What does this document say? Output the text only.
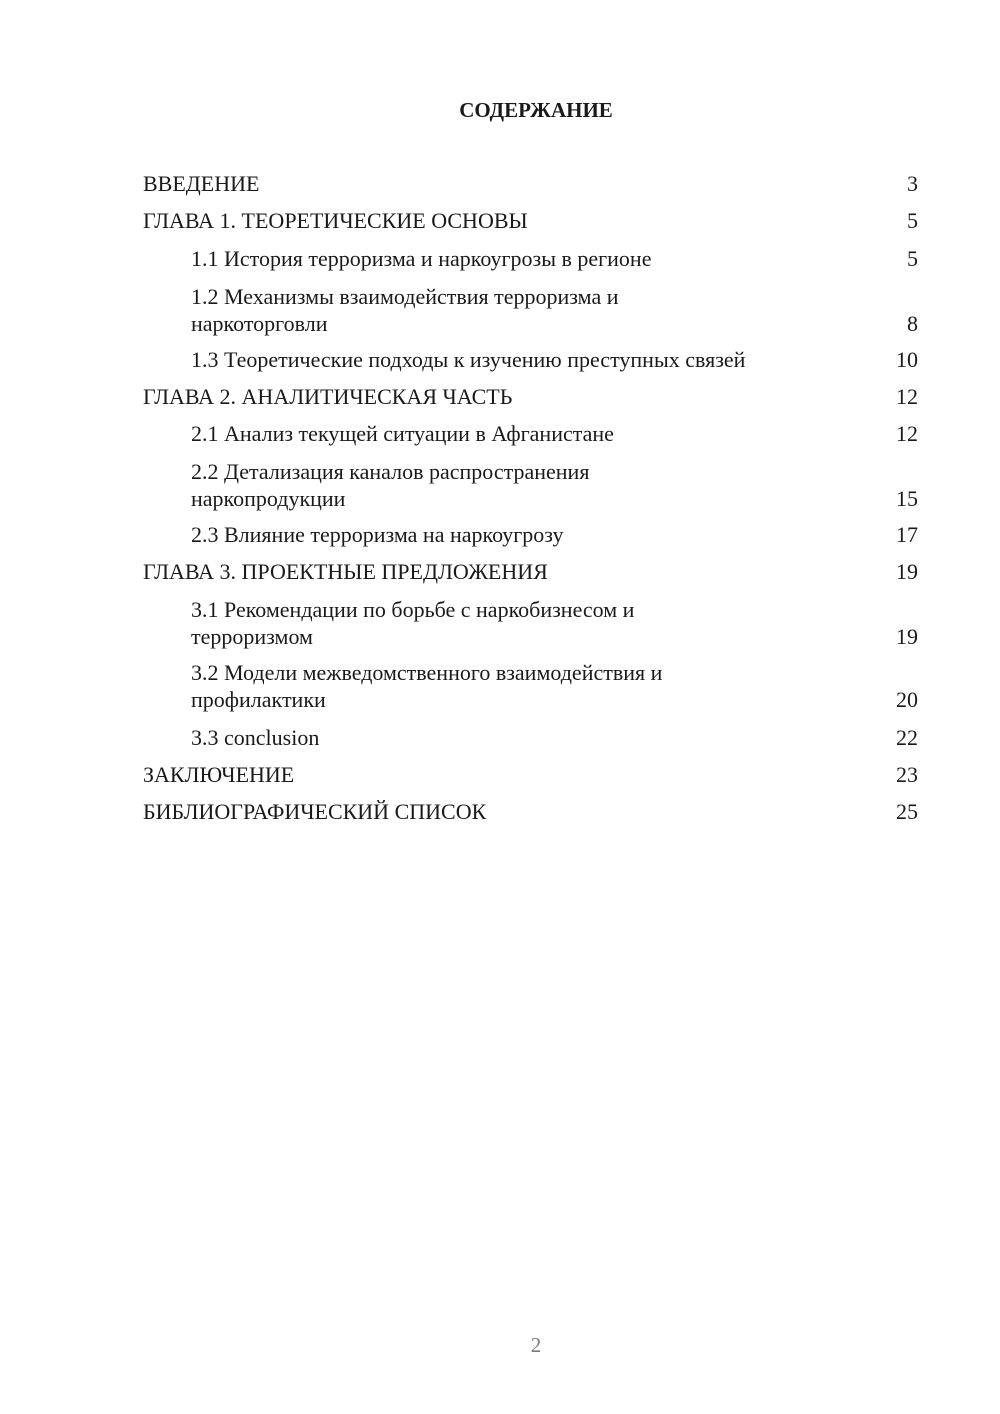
СОДЕРЖАНИЕ
ВВЕДЕНИЕ	3
ГЛАВА 1. ТЕОРЕТИЧЕСКИЕ ОСНОВЫ	5
1.1 История терроризма и наркоугрозы в регионе	5
1.2 Механизмы взаимодействия терроризма и
наркоторговли	8
1.3 Теоретические подходы к изучению преступных связей	10
ГЛАВА 2. АНАЛИТИЧЕСКАЯ ЧАСТЬ	12
2.1 Анализ текущей ситуации в Афганистане	12
2.2 Детализация каналов распространения
наркопродукции	15
2.3 Влияние терроризма на наркоугрозу	17
ГЛАВА 3. ПРОЕКТНЫЕ ПРЕДЛОЖЕНИЯ	19
3.1 Рекомендации по борьбе с наркобизнесом и
терроризмом	19
3.2 Модели межведомственного взаимодействия и
профилактики	20
3.3 conclusion	22
ЗАКЛЮЧЕНИЕ	23
БИБЛИОГРАФИЧЕСКИЙ СПИСОК	25
2
